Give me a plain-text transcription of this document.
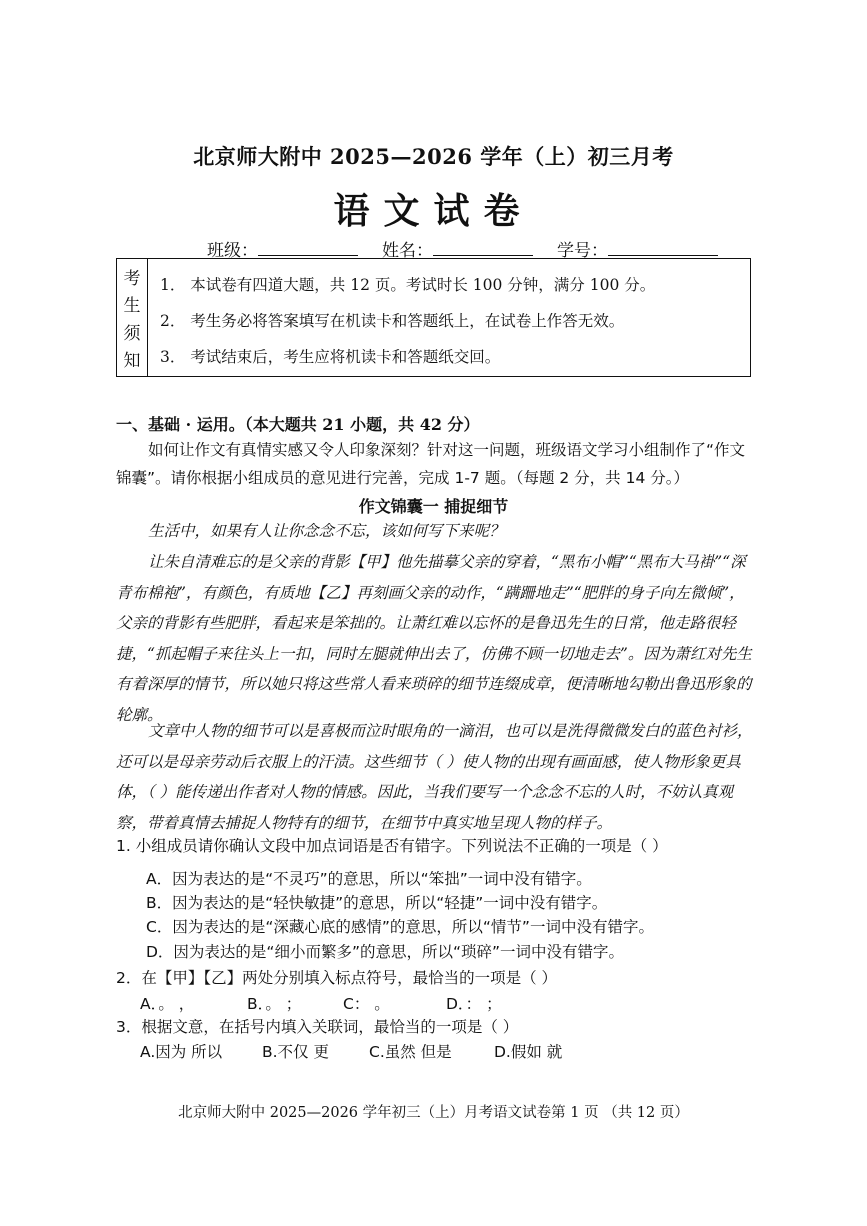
北京师大附中 2025—2026 学年（上）初三月考
语文试卷
班级：	姓名：	学号：
考
生
须
知
1． 本试卷有四道大题，共 12 页。考试时长 100 分钟，满分 100 分。
2． 考生务必将答案填写在机读卡和答题纸上，在试卷上作答无效。
3． 考试结束后，考生应将机读卡和答题纸交回。
一、基础 · 运用。（本大题共 21 小题，共 42 分）
如何让作文有真情实感又令人印象深刻？针对这一问题，班级语文学习小组制作了“作文锦囊”。请你根据小组成员的意见进行完善，完成 1-7 题。（每题 2 分，共 14 分。）
作文锦囊一 捕捉细节
生活中，如果有人让你念念不忘，该如何写下来呢？
让朱自清难忘的是父亲的背影【甲】他先描摹父亲的穿着，“黑布小帽”“黑布大马褂”“深青布棉袍”，有颜色，有质地【乙】再刻画父亲的动作，“蹒跚地走”“肥胖的身子向左微倾”，父亲的背影有些肥胖，看起来是笨拙的。让萧红难以忘怀的是鲁迅先生的日常，他走路很轻捷，“抓起帽子来往头上一扣，同时左腿就伸出去了，仿佛不顾一切地走去”。因为萧红对先生有着深厚的情节，所以她只将这些常人看来琐碎的细节连缀成章，便清晰地勾勒出鲁迅形象的轮廓。
文章中人物的细节可以是喜极而泣时眼角的一滴泪，也可以是洗得微微发白的蓝色衬衫，还可以是母亲劳动后衣服上的汗渍。这些细节（ ）使人物的出现有画面感，使人物形象更具体，（ ）能传递出作者对人物的情感。因此，当我们要写一个念念不忘的人时，不妨认真观察，带着真情去捕捉人物特有的细节，在细节中真实地呈现人物的样子。
1. 小组成员请你确认文段中加点词语是否有错字。下列说法不正确的一项是（ ）
A．因为表达的是“不灵巧”的意思，所以“笨拙”一词中没有错字。
B．因为表达的是“轻快敏捷”的意思，所以“轻捷”一词中没有错字。
C．因为表达的是“深藏心底的感情”的意思，所以“情节”一词中没有错字。
D．因为表达的是“细小而繁多”的意思，所以“琐碎”一词中没有错字。
2．在【甲】【乙】两处分别填入标点符号，最恰当的一项是（ ）
A．。 ，	B．。 ；	C： 。	D．： ；
3．根据文意，在括号内填入关联词，最恰当的一项是（ ）
A.因为 所以	B.不仅 更	C.虽然 但是	D.假如 就
北京师大附中 2025—2026 学年初三（上）月考语文试卷第 1 页 （共 12 页）
